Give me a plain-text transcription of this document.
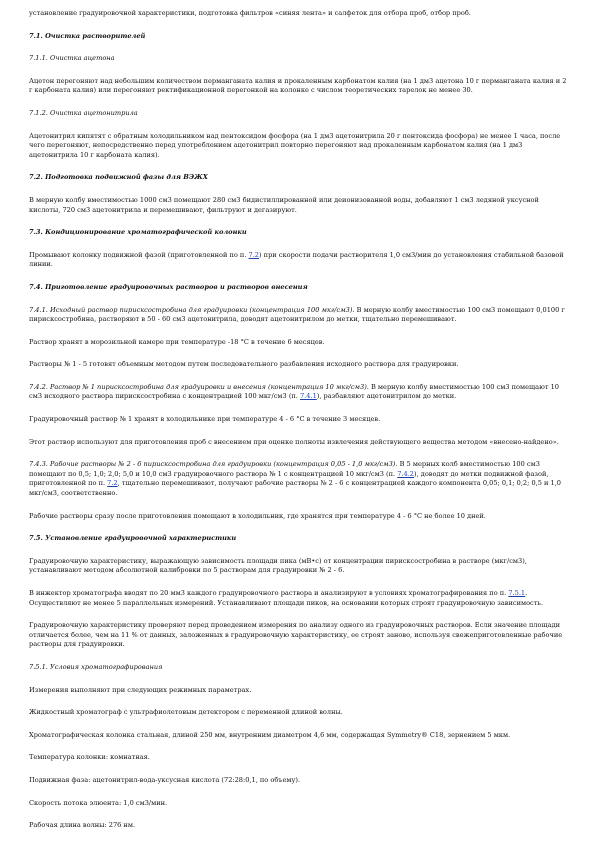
установление градуировочной характеристики, подготовка фильтров «синяя лента» и салфеток для отбора проб, отбор проб.

7.1. Очистка растворителей

7.1.1. Очистка ацетона

Ацетон перегоняют над небольшим количеством перманганата калия и прокаленным карбонатом калия (на 1 дм3 ацетона 10 г перманганата калия и 2 г карбоната калия) или перегоняют ректификационной перегонкой на колонке с числом теоретических тарелок не менее 30.

7.1.2. Очистка ацетонитрила

Ацетонитрил кипятят с обратным холодильником над пентоксидом фосфора (на 1 дм3 ацетонитрила 20 г пентоксида фосфора) не менее 1 часа, после чего перегоняют, непосредственно перед употреблением ацетонитрил повторно перегоняют над прокаленным карбонатом калия (на 1 дм3 ацетонитрила 10 г карбоната калия).

7.2. Подготовка подвижной фазы для ВЭЖХ

В мерную колбу вместимостью 1000 см3 помещают 280 см3 бидистиллированной или деионизованной воды, добавляют 1 см3 ледяной уксусной кислоты, 720 см3 ацетонитрила и перемешивают, фильтруют и дегазируют.

7.3. Кондиционирование хроматографической колонки

Промывают колонку подвижной фазой (приготовленной по п. 7.2) при скорости подачи растворителя 1,0 см3/мин до установления стабильной базовой линии.

7.4. Приготовление градуировочных растворов и растворов внесения

7.4.1. Исходный раствор пирисксостробина для градуировки (концентрация 100 мкг/см3). В мерную колбу вместимостью 100 см3 помещают 0,0100 г пирисксостробина, растворяют в 50 - 60 см3 ацетонитрила, доводят ацетонитрилом до метки, тщательно перемешивают.

Раствор хранят в морозильной камере при температуре -18 °C в течение 6 месяцев.

Растворы № 1 - 5 готовят объемным методом путем последовательного разбавления исходного раствора для градуировки.

7.4.2. Раствор № 1 пирисксостробина для градуировки и внесения (концентрация 10 мкг/см3). В мерную колбу вместимостью 100 см3 помещают 10 см3 исходного раствора пирисксостробина с концентрацией 100 мкг/см3 (п. 7.4.1), разбавляют ацетонитрилом до метки.

Градуировочный раствор № 1 хранят в холодильнике при температуре 4 - 6 °C в течение 3 месяцев.

Этот раствор используют для приготовления проб с внесением при оценке полноты извлечения действующего вещества методом «внесено-найдено».

7.4.3. Рабочие растворы № 2 - 6 пирисксостробина для градуировки (концентрация 0,05 - 1,0 мкг/см3). В 5 мерных колб вместимостью 100 см3 помещают по 0,5; 1,0; 2,0; 5,0 и 10,0 см3 градуировочного раствора № 1 с концентрацией 10 мкг/см3 (п. 7.4.2), доводят до метки подвижной фазой, приготовленной по п. 7.2, тщательно перемешивают, получают рабочие растворы № 2 - 6 с концентрацией каждого компонента 0,05; 0,1; 0,2; 0,5 и 1,0 мкг/см3, соответственно.

Рабочие растворы сразу после приготовления помещают в холодильник, где хранятся при температуре 4 - 6 °C не более 10 дней.

7.5. Установление градуировочной характеристики

Градуировочную характеристику, выражающую зависимость площади пика (мВ•с) от концентрации пирисксостробина в растворе (мкг/см3), устанавливают методом абсолютной калибровки по 5 растворам для градуировки № 2 - 6.

В инжектор хроматографа вводят по 20 мм3 каждого градуировочного раствора и анализируют в условиях хроматографирования по п. 7.5.1. Осуществляют не менее 5 параллельных измерений. Устанавливают площади пиков, на основании которых строят градуировочную зависимость.

Градуировочную характеристику проверяют перед проведением измерения по анализу одного из градуировочных растворов. Если значение площади отличается более, чем на 11 % от данных, заложенных в градуировочную характеристику, ее строят заново, используя свежеприготовленные рабочие растворы для градуировки.

7.5.1. Условия хроматографирования

Измерения выполняют при следующих режимных параметрах.

Жидкостный хроматограф с ультрафиолетовым детектором с переменной длиной волны.

Хроматографическая колонка стальная, длиной 250 мм, внутренним диаметром 4,6 мм, содержащая Symmetry® C18, зернением 5 мкм.

Температура колонки: комнатная.

Подвижная фаза: ацетонитрил-вода-уксусная кислота (72:28:0,1, по объему).

Скорость потока элюента: 1,0 см3/мин.

Рабочая длина волны: 276 нм.
